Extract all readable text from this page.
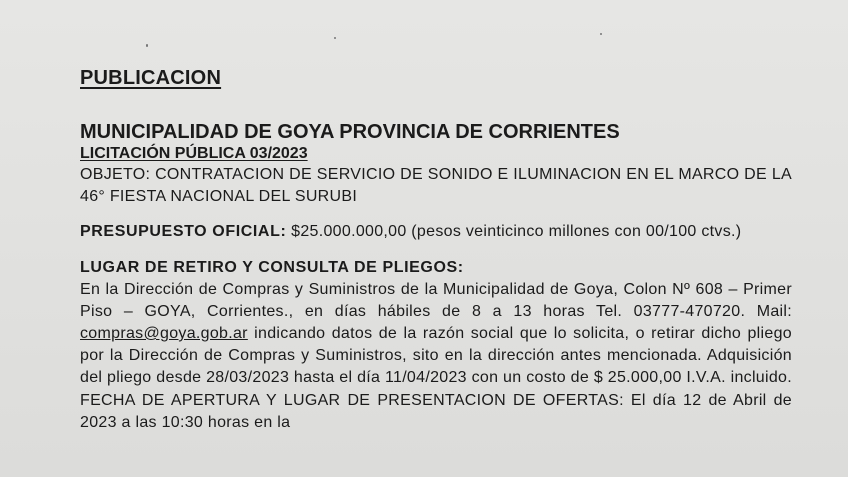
PUBLICACION
MUNICIPALIDAD DE GOYA PROVINCIA DE CORRIENTES
LICITACIÓN PÚBLICA 03/2023

OBJETO: CONTRATACION DE SERVICIO DE SONIDO E ILUMINACION EN EL MARCO DE LA 46° FIESTA NACIONAL DEL SURUBI

PRESUPUESTO OFICIAL: $25.000.000,00 (pesos veinticinco millones con 00/100 ctvs.)

LUGAR DE RETIRO Y CONSULTA DE PLIEGOS:

En la Dirección de Compras y Suministros de la Municipalidad de Goya, Colon Nº 608 – Primer Piso – GOYA, Corrientes., en días hábiles de 8 a 13 horas Tel. 03777-470720. Mail: compras@goya.gob.ar indicando datos de la razón social que lo solicita, o retirar dicho pliego por la Dirección de Compras y Suministros, sito en la dirección antes mencionada. Adquisición del pliego desde 28/03/2023 hasta el día 11/04/2023 con un costo de $ 25.000,00 I.V.A. incluido. FECHA DE APERTURA Y LUGAR DE PRESENTACION DE OFERTAS: El día 12 de Abril de 2023 a las 10:30 horas en la
